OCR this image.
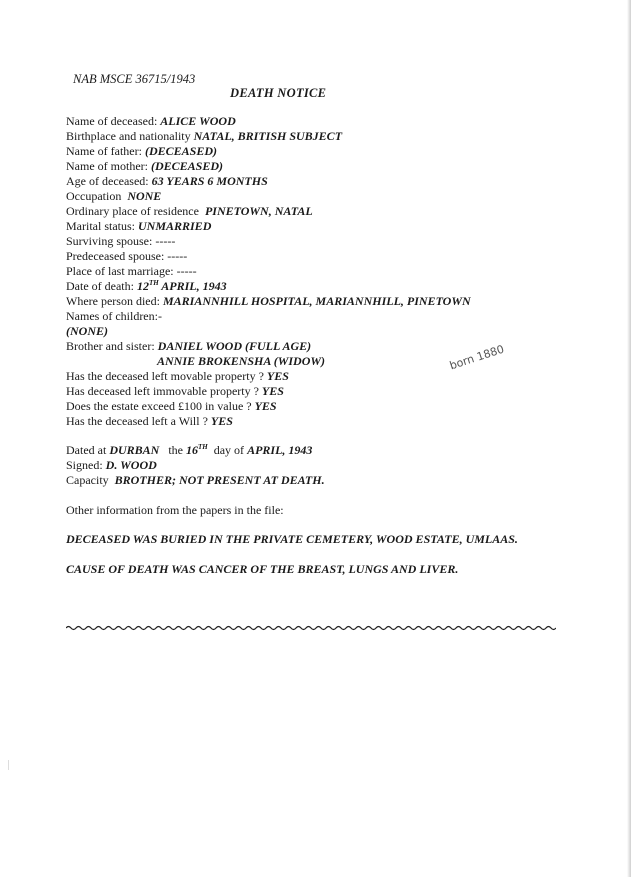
NAB MSCE 36715/1943
DEATH NOTICE
Name of deceased: ALICE WOOD
Birthplace and nationality NATAL, BRITISH SUBJECT
Name of father: (DECEASED)
Name of mother: (DECEASED)
Age of deceased: 63 YEARS 6 MONTHS
Occupation NONE
Ordinary place of residence PINETOWN, NATAL
Marital status: UNMARRIED
Surviving spouse: -----
Predeceased spouse: -----
Place of last marriage: -----
Date of death: 12TH APRIL, 1943
Where person died: MARIANNHILL HOSPITAL, MARIANNHILL, PINETOWN
Names of children:-
(NONE)
Brother and sister: DANIEL WOOD (FULL AGE)
ANNIE BROKENSHA (WIDOW)
Has the deceased left movable property ? YES
Has deceased left immovable property ? YES
Does the estate exceed £100 in value ? YES
Has the deceased left a Will ? YES
born 1880
Dated at DURBAN the 16TH day of APRIL, 1943
Signed: D. WOOD
Capacity BROTHER; NOT PRESENT AT DEATH.
Other information from the papers in the file:
DECEASED WAS BURIED IN THE PRIVATE CEMETERY, WOOD ESTATE, UMLAAS.
CAUSE OF DEATH WAS CANCER OF THE BREAST, LUNGS AND LIVER.
